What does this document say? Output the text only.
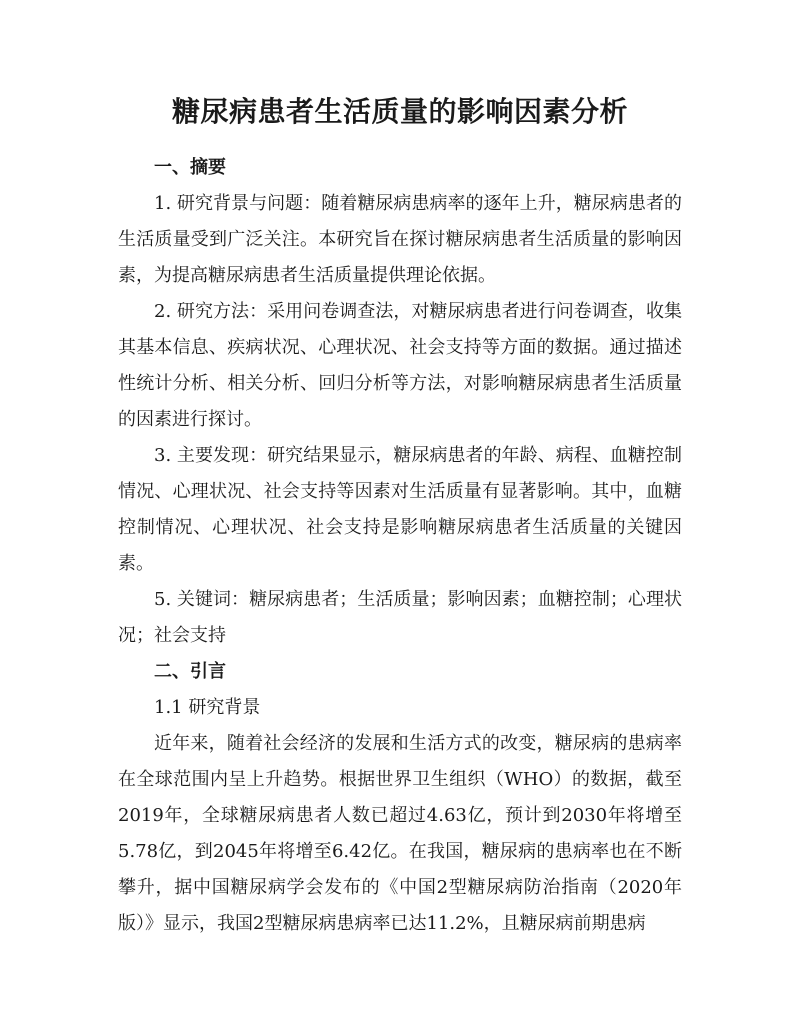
糖尿病患者生活质量的影响因素分析

一、摘要

1. 研究背景与问题：随着糖尿病患病率的逐年上升，糖尿病患者的生活质量受到广泛关注。本研究旨在探讨糖尿病患者生活质量的影响因素，为提高糖尿病患者生活质量提供理论依据。

2. 研究方法：采用问卷调查法，对糖尿病患者进行问卷调查，收集其基本信息、疾病状况、心理状况、社会支持等方面的数据。通过描述性统计分析、相关分析、回归分析等方法，对影响糖尿病患者生活质量的因素进行探讨。

3. 主要发现：研究结果显示，糖尿病患者的年龄、病程、血糖控制情况、心理状况、社会支持等因素对生活质量有显著影响。其中，血糖控制情况、心理状况、社会支持是影响糖尿病患者生活质量的关键因素。

5. 关键词：糖尿病患者；生活质量；影响因素；血糖控制；心理状况；社会支持

二、引言

1.1 研究背景

近年来，随着社会经济的发展和生活方式的改变，糖尿病的患病率在全球范围内呈上升趋势。根据世界卫生组织（WHO）的数据，截至2019年，全球糖尿病患者人数已超过4.63亿，预计到2030年将增至5.78亿，到2045年将增至6.42亿。在我国，糖尿病的患病率也在不断攀升，据中国糖尿病学会发布的《中国2型糖尿病防治指南（2020年版）》显示，我国2型糖尿病患病率已达11.2%，且糖尿病前期患病
